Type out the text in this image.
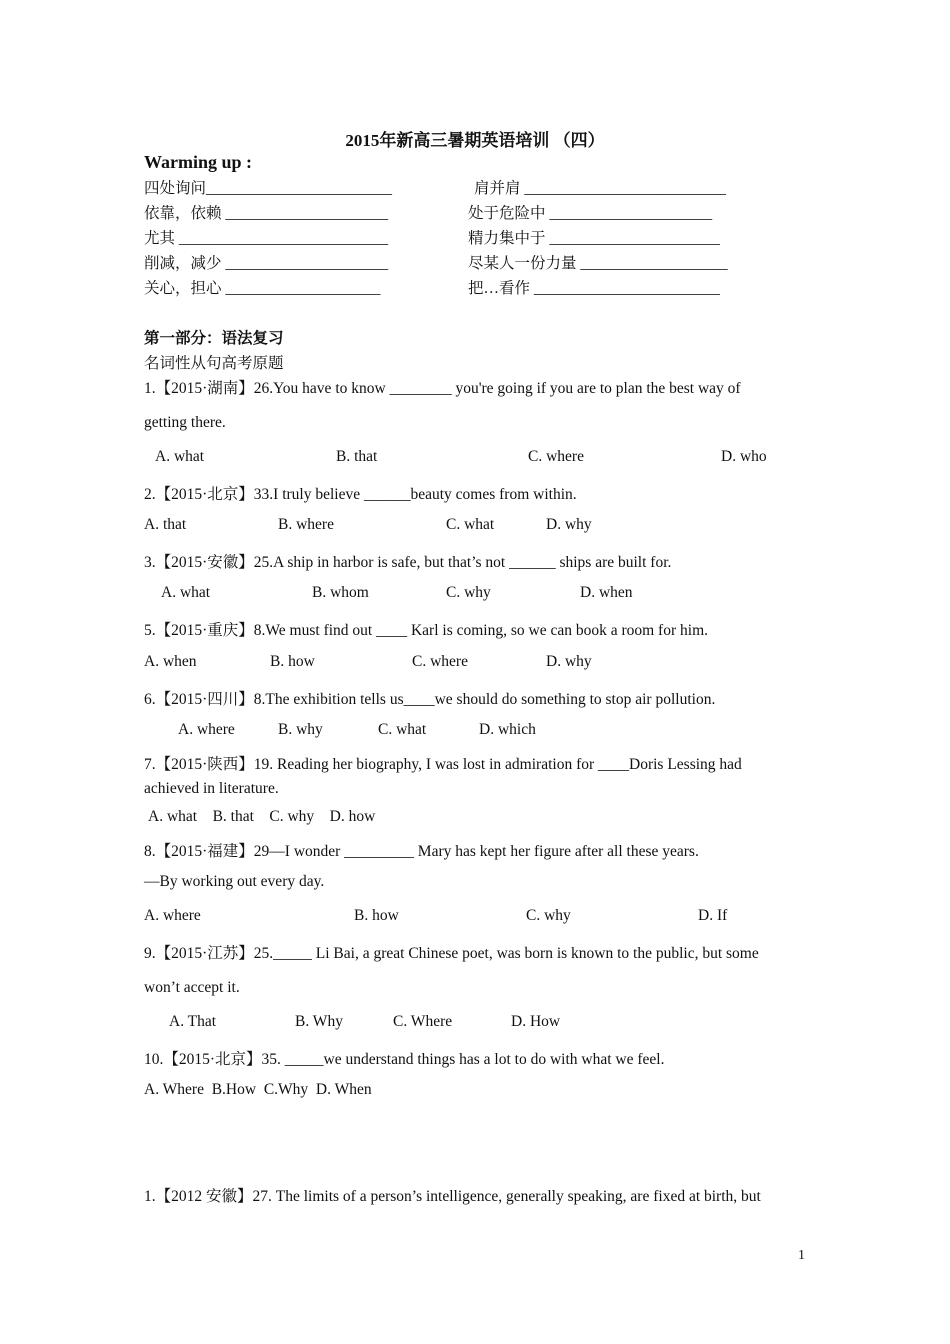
2015年新高三暑期英语培训 （四）
Warming up :
四处询问________________________	肩并肩 __________________________
依靠，依赖 _____________________	处于危险中 _____________________
尤其 ___________________________	精力集中于 ______________________
削减，减少 _____________________	尽某人一份力量 ___________________
关心，担心 ____________________	把…看作 ________________________
第一部分：语法复习
名词性从句高考原题
1.【2015·湖南】26.You have to know ________ you're going if you are to plan the best way of
getting there.
A. what	B. that	C. where	D. who
2.【2015·北京】33.I truly believe ______beauty comes from within.
A. that	B. where	C. what	D. why
3.【2015·安徽】25.A ship in harbor is safe, but that’s not ______ ships are built for.
A. what	B. whom	C. why	D. when
5.【2015·重庆】8.We must find out ____ Karl is coming, so we can book a room for him.
A. when	B. how	C. where	D. why
6.【2015·四川】8.The exhibition tells us____we should do something to stop air pollution.
A. where	B. why	C. what	D. which
7.【2015·陕西】19. Reading her biography, I was lost in admiration for ____Doris Lessing had
achieved in literature.
A. what    B. that    C. why    D. how
8.【2015·福建】29—I wonder _________ Mary has kept her figure after all these years.
—By working out every day.
A. where	B. how	C. why	D. If
9.【2015·江苏】25._____ Li Bai, a great Chinese poet, was born is known to the public, but some
won’t accept it.
A. That	B. Why	C. Where	D. How
10.【2015·北京】35. _____we understand things has a lot to do with what we feel.
A. Where  B.How  C.Why  D. When
1.【2012 安徽】27. The limits of a person’s intelligence, generally speaking, are fixed at birth, but
1
